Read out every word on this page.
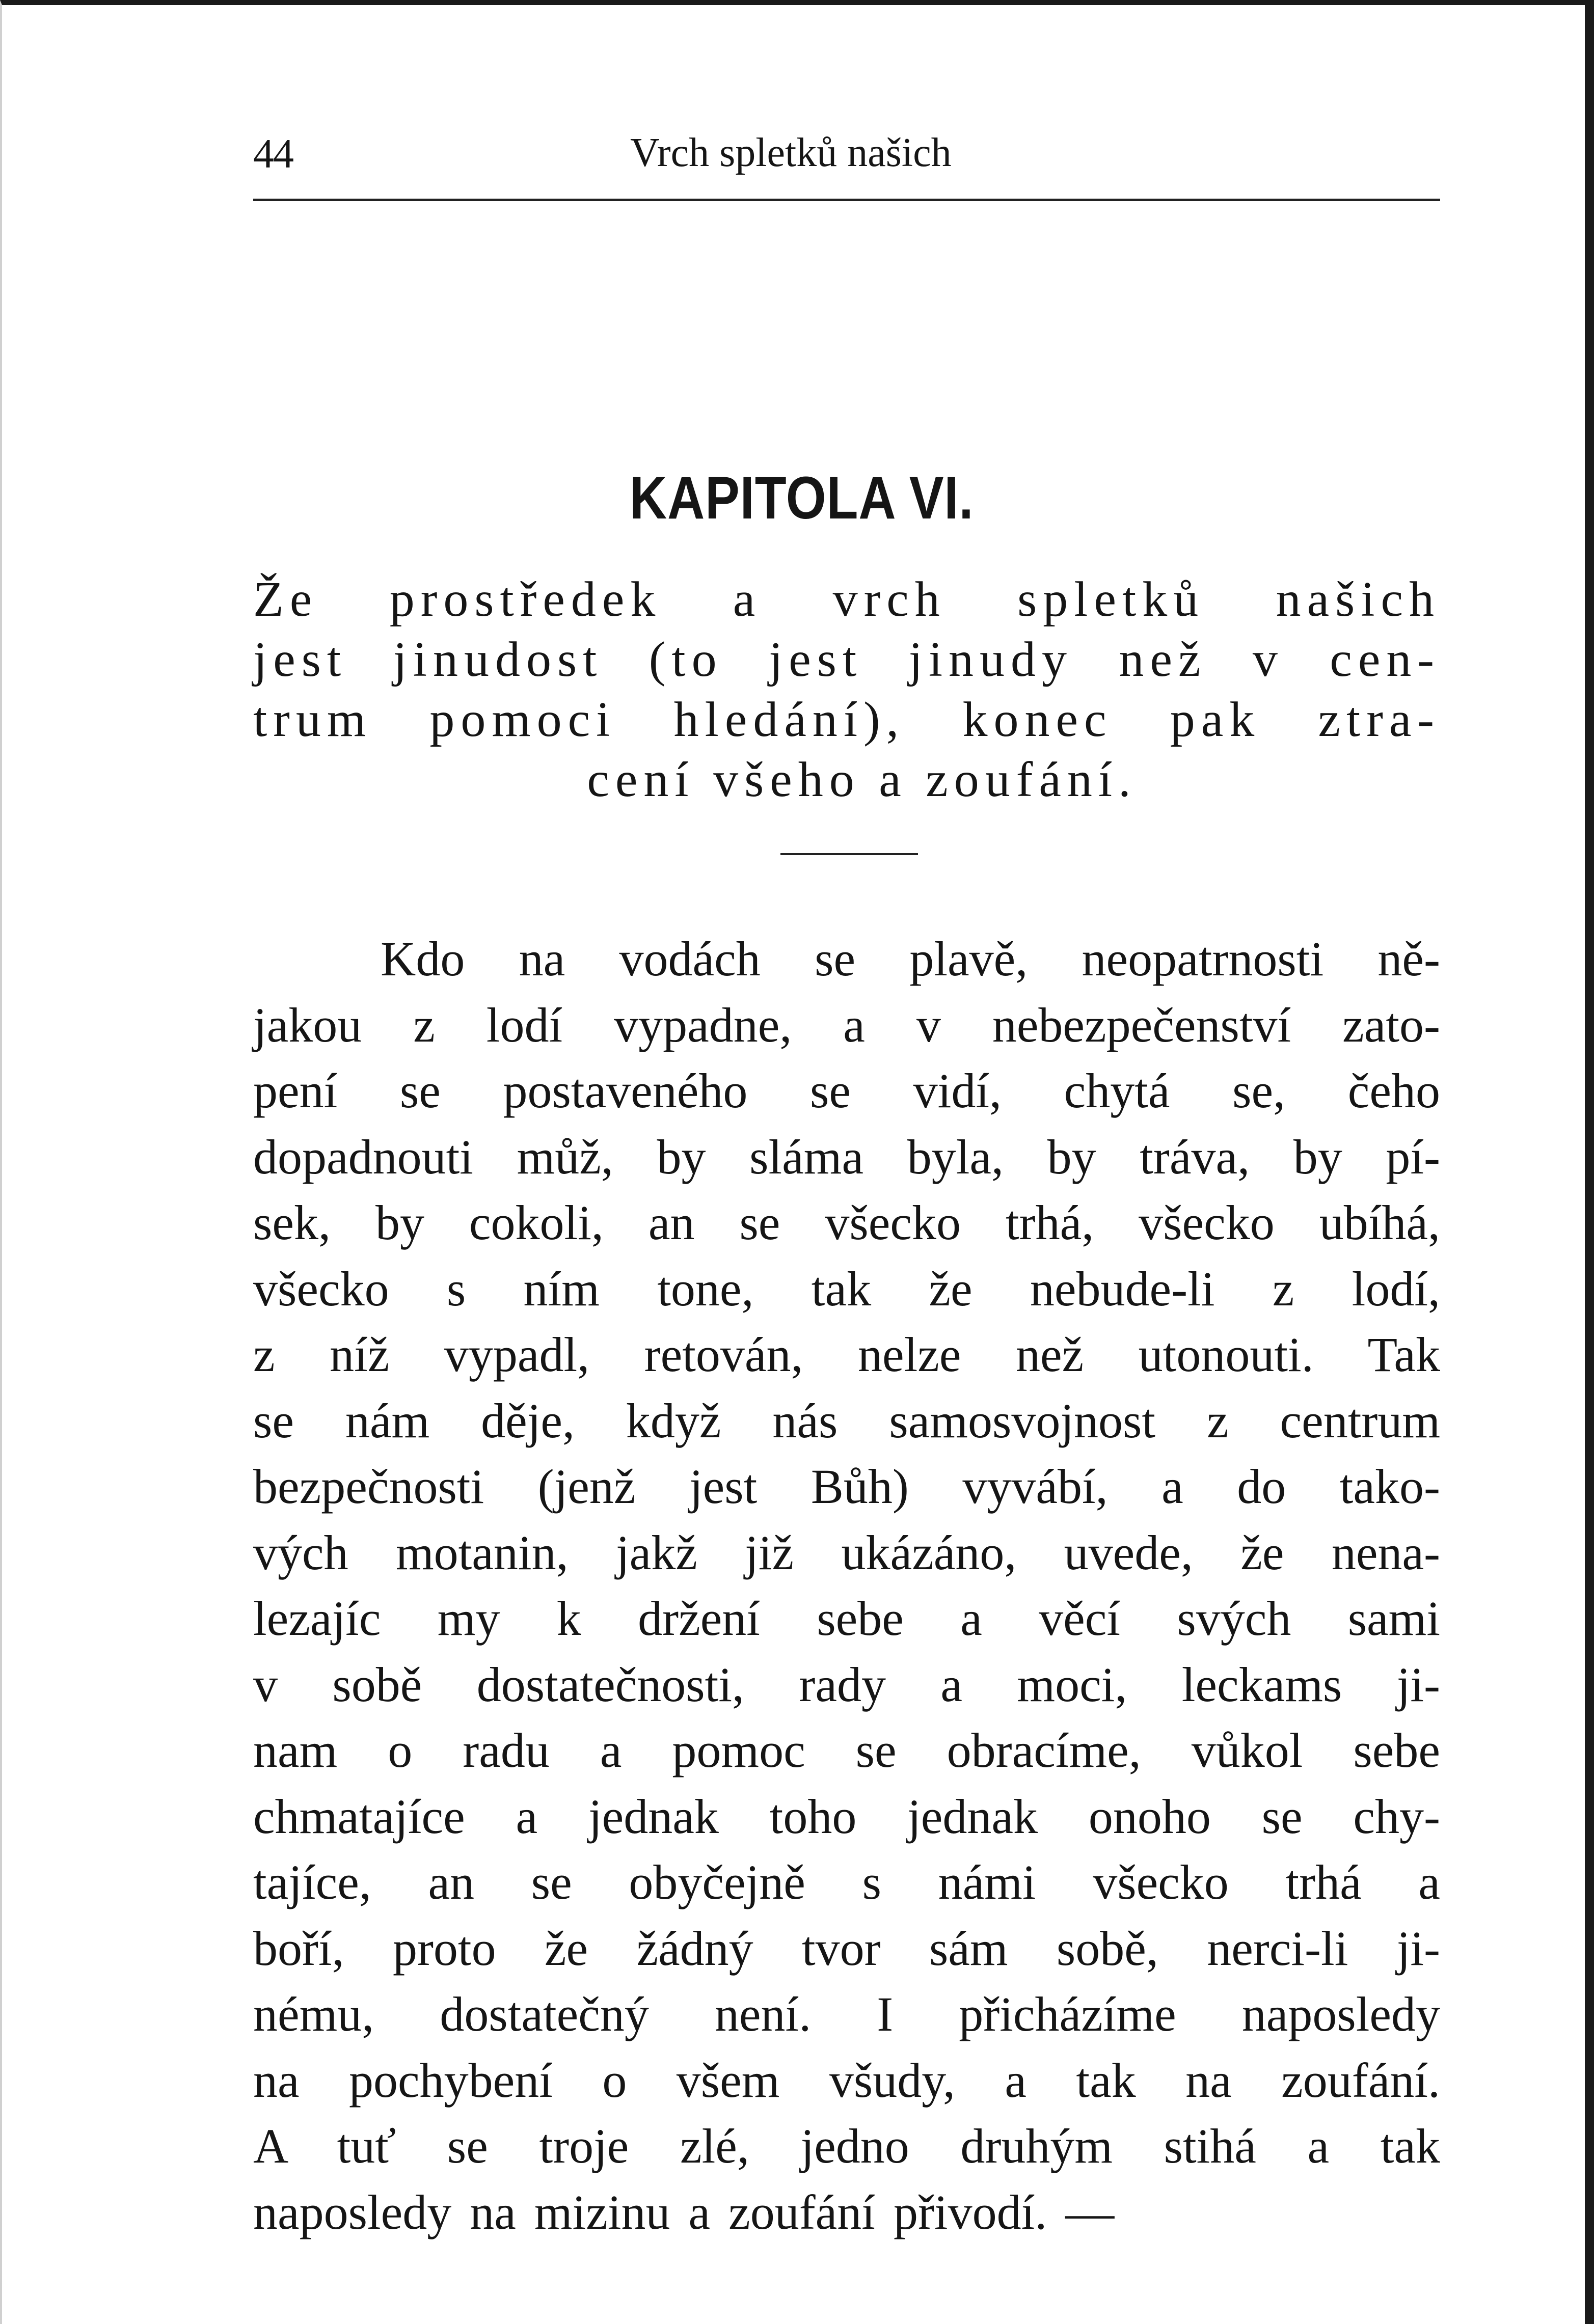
44	Vrch spletků našich
KAPITOLA VI.
Že prostředek a vrch spletků našich
jest jinudost (to jest jinudy než v cen-
trum pomoci hledání), konec pak ztra-
cení všeho a zoufání.
Kdo na vodách se plavě, neopatrnosti ně-
jakou z lodí vypadne, a v nebezpečenství zato-
pení se postaveného se vidí, chytá se, čeho
dopadnouti můž, by sláma byla, by tráva, by pí-
sek, by cokoli, an se všecko trhá, všecko ubíhá,
všecko s ním tone, tak že nebude-li z lodí,
z níž vypadl, retován, nelze než utonouti. Tak
se nám děje, když nás samosvojnost z centrum
bezpečnosti (jenž jest Bůh) vyvábí, a do tako-
vých motanin, jakž již ukázáno, uvede, že nena-
lezajíc my k držení sebe a věcí svých sami
v sobě dostatečnosti, rady a moci, leckams ji-
nam o radu a pomoc se obracíme, vůkol sebe
chmatajíce a jednak toho jednak onoho se chy-
tajíce, an se obyčejně s námi všecko trhá a
boří, proto že žádný tvor sám sobě, nerci-li ji-
nému, dostatečný není. I přicházíme naposledy
na pochybení o všem všudy, a tak na zoufání.
A tuť se troje zlé, jedno druhým stihá a tak
naposledy na mizinu a zoufání přivodí. —
